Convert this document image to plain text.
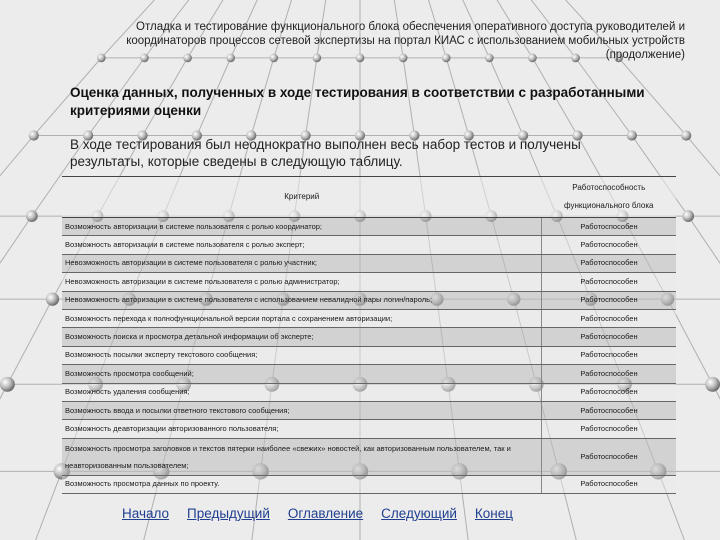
Отладка и тестирование функционального блока обеспечения оперативного доступа руководителей и координаторов процессов сетевой экспертизы на портал КИАС с использованием мобильных устройств (продолжение)
Оценка данных, полученных в ходе тестирования в соответствии с разработанными критериями оценки
В ходе тестирования был неоднократно выполнен весь набор тестов и получены результаты, которые сведены в следующую таблицу.
Критерий	Работоспособность функционального блока
Возможность авторизации в системе пользователя с ролью координатор;	Работоспособен
Возможность авторизации в системе пользователя с ролью эксперт;	Работоспособен
Невозможность авторизации в системе пользователя с ролью участник;	Работоспособен
Невозможность авторизации в системе пользователя с ролью администратор;	Работоспособен
Невозможность авторизации в системе пользователя с использованием невалидной пары логин/пароль;	Работоспособен
Возможность перехода к полнофункциональной версии портала с сохранением авторизации;	Работоспособен
Возможность поиска и просмотра детальной информации об эксперте;	Работоспособен
Возможность посылки эксперту текстового сообщения;	Работоспособен
Возможность просмотра сообщений;	Работоспособен
Возможность удаления сообщения;	Работоспособен
Возможность ввода и посылки ответного текстового сообщения;	Работоспособен
Возможность деавторизации авторизованного пользователя;	Работоспособен
Возможность просмотра заголовков и текстов пятерки наиболее «свежих» новостей, как авторизованным пользователем, так и неавторизованным пользователем;	Работоспособен
Возможность просмотра данных по проекту.	Работоспособен
Начало Предыдущий Оглавление Следующий Конец
